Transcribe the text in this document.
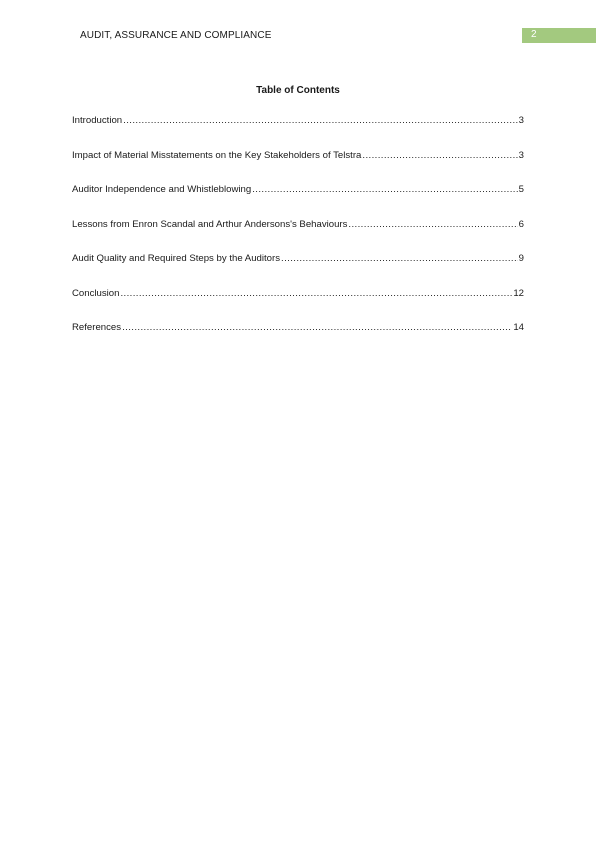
AUDIT, ASSURANCE AND COMPLIANCE	2
Table of Contents
Introduction .....	3
Impact of Material Misstatements on the Key Stakeholders of Telstra .....	3
Auditor Independence and Whistleblowing .....	5
Lessons from Enron Scandal and Arthur Andersons's Behaviours .....	6
Audit Quality and Required Steps by the Auditors .....	9
Conclusion .....	12
References .....	14
